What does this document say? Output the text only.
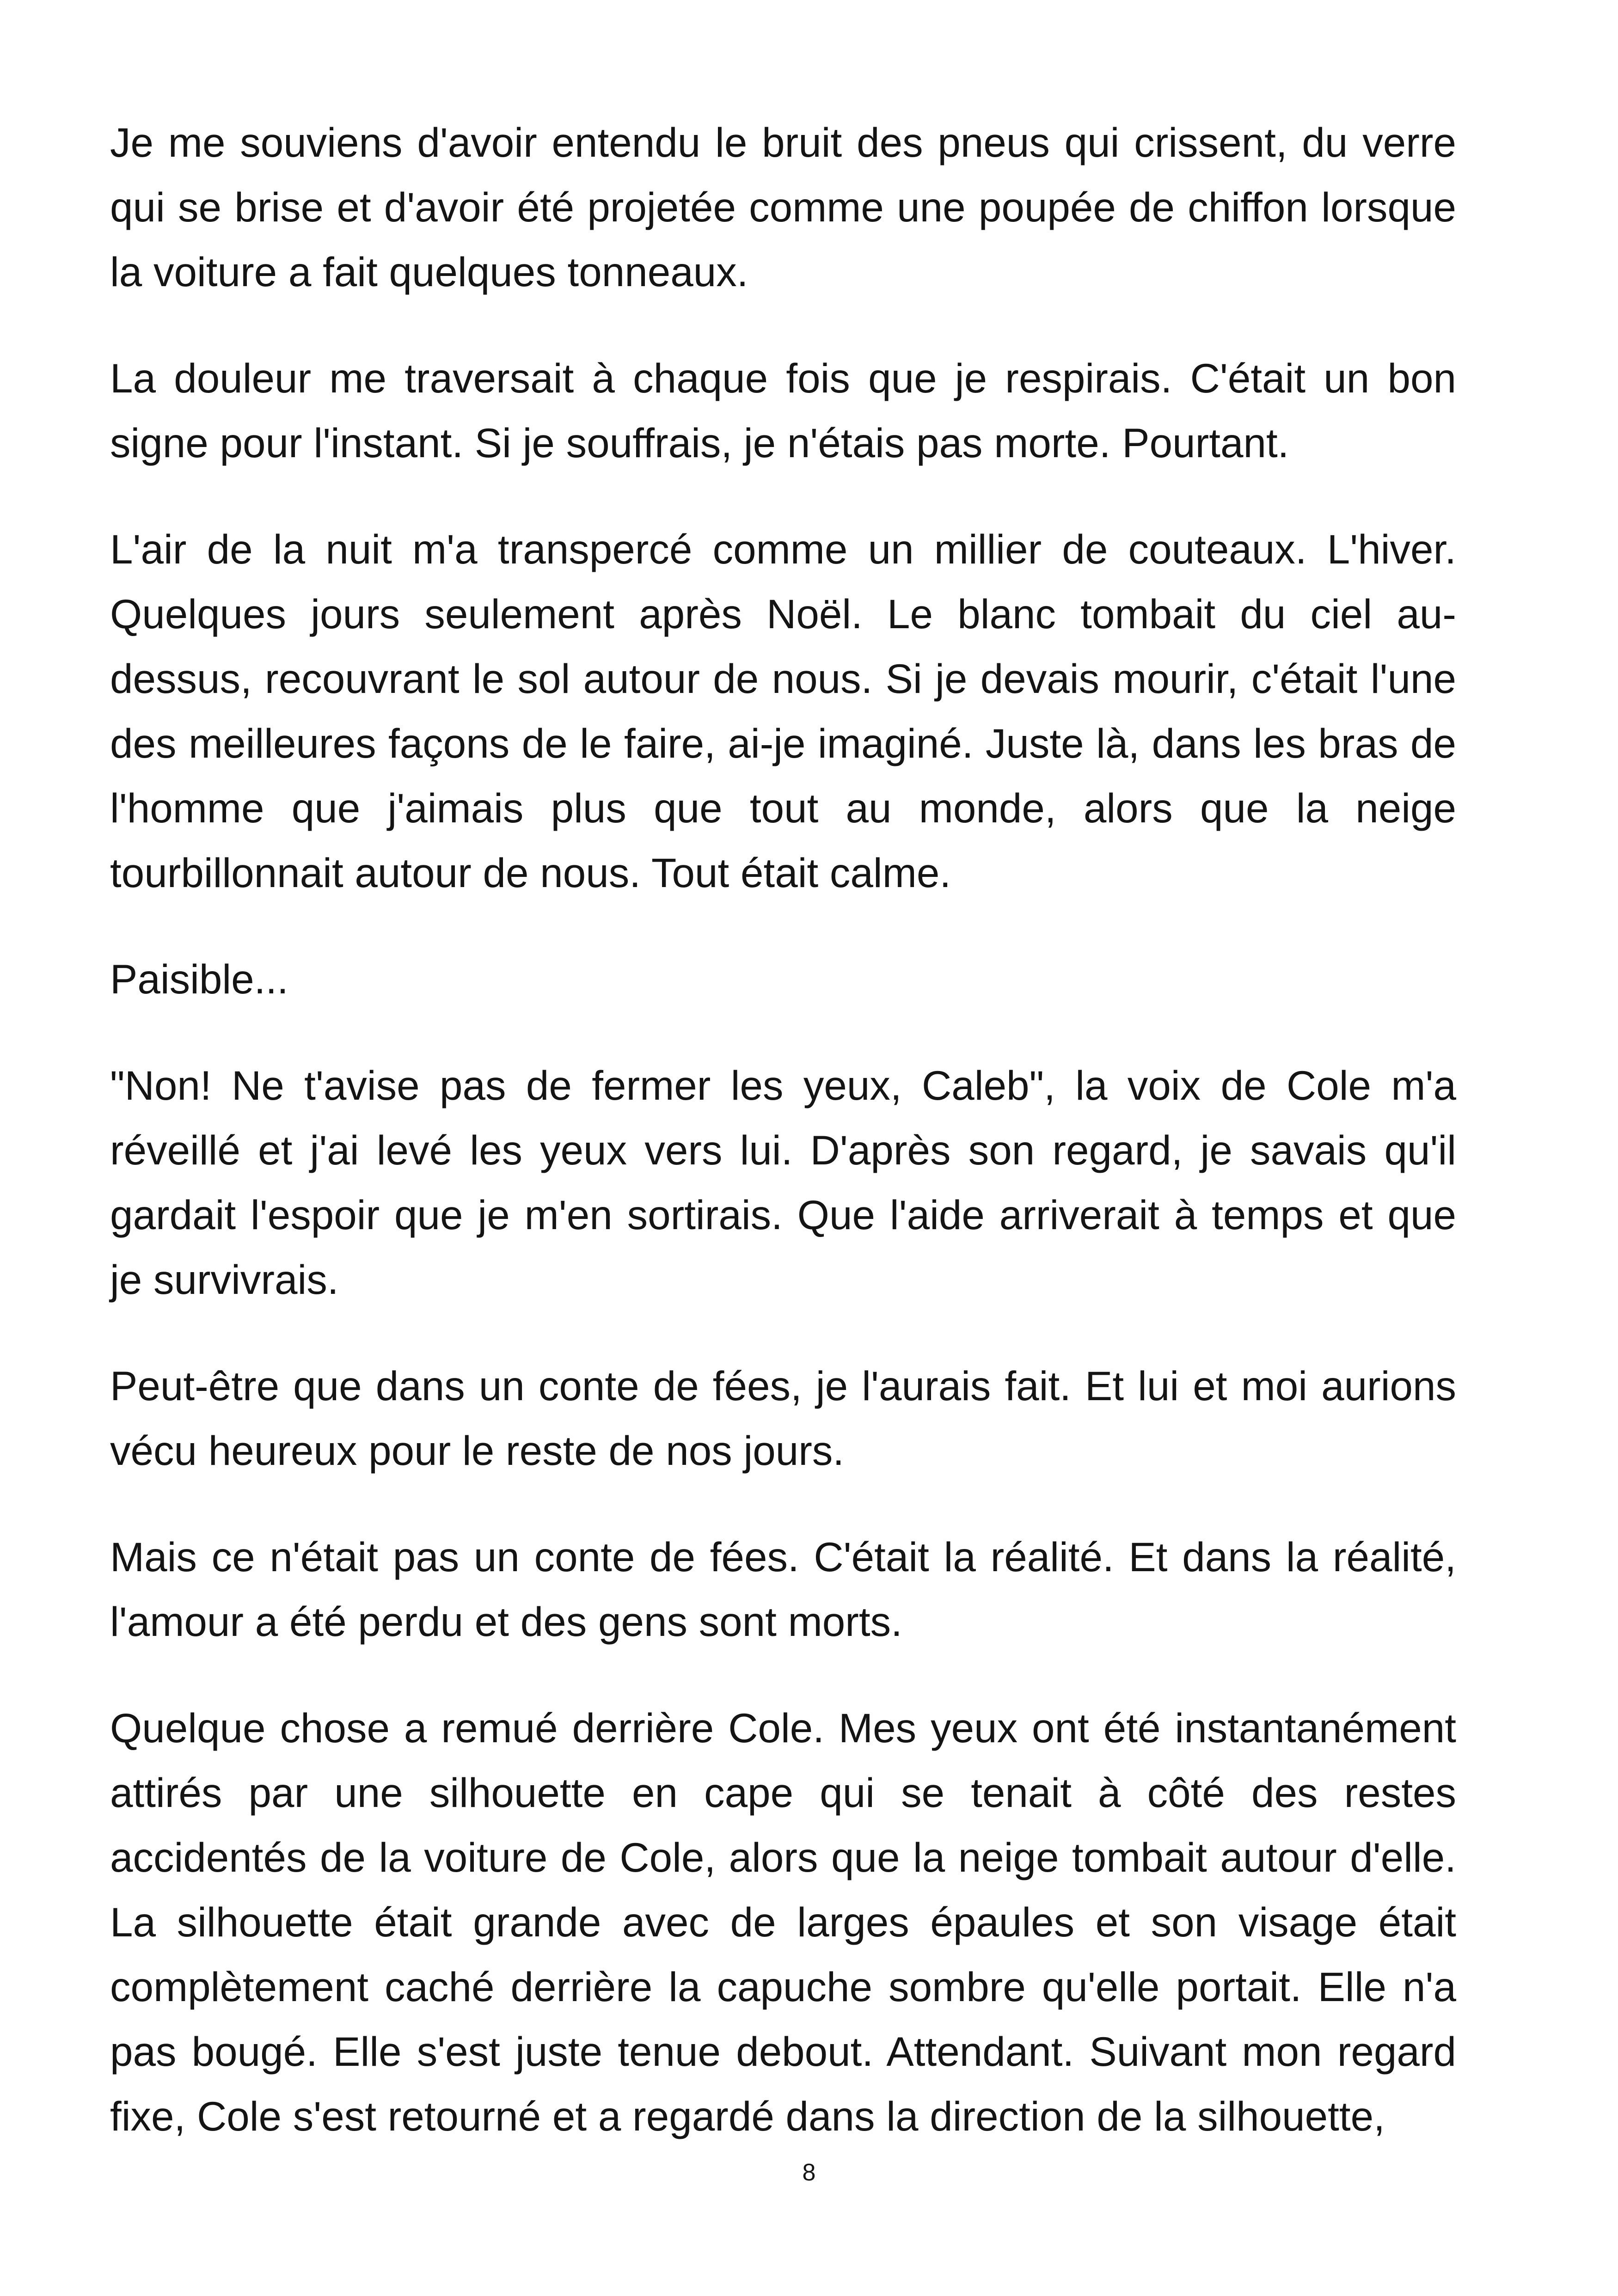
Je me souviens d'avoir entendu le bruit des pneus qui crissent, du verre qui se brise et d'avoir été projetée comme une poupée de chiffon lorsque la voiture a fait quelques tonneaux.

La douleur me traversait à chaque fois que je respirais. C'était un bon signe pour l'instant. Si je souffrais, je n'étais pas morte. Pourtant.

L'air de la nuit m'a transpercé comme un millier de couteaux. L'hiver. Quelques jours seulement après Noël. Le blanc tombait du ciel au-dessus, recouvrant le sol autour de nous. Si je devais mourir, c'était l'une des meilleures façons de le faire, ai-je imaginé. Juste là, dans les bras de l'homme que j'aimais plus que tout au monde, alors que la neige tourbillonnait autour de nous. Tout était calme.

Paisible...

"Non! Ne t'avise pas de fermer les yeux, Caleb", la voix de Cole m'a réveillé et j'ai levé les yeux vers lui. D'après son regard, je savais qu'il gardait l'espoir que je m'en sortirais. Que l'aide arriverait à temps et que je survivrais.

Peut-être que dans un conte de fées, je l'aurais fait. Et lui et moi aurions vécu heureux pour le reste de nos jours.

Mais ce n'était pas un conte de fées. C'était la réalité. Et dans la réalité, l'amour a été perdu et des gens sont morts.

Quelque chose a remué derrière Cole. Mes yeux ont été instantanément attirés par une silhouette en cape qui se tenait à côté des restes accidentés de la voiture de Cole, alors que la neige tombait autour d'elle. La silhouette était grande avec de larges épaules et son visage était complètement caché derrière la capuche sombre qu'elle portait. Elle n'a pas bougé. Elle s'est juste tenue debout. Attendant. Suivant mon regard fixe, Cole s'est retourné et a regardé dans la direction de la silhouette,

8
